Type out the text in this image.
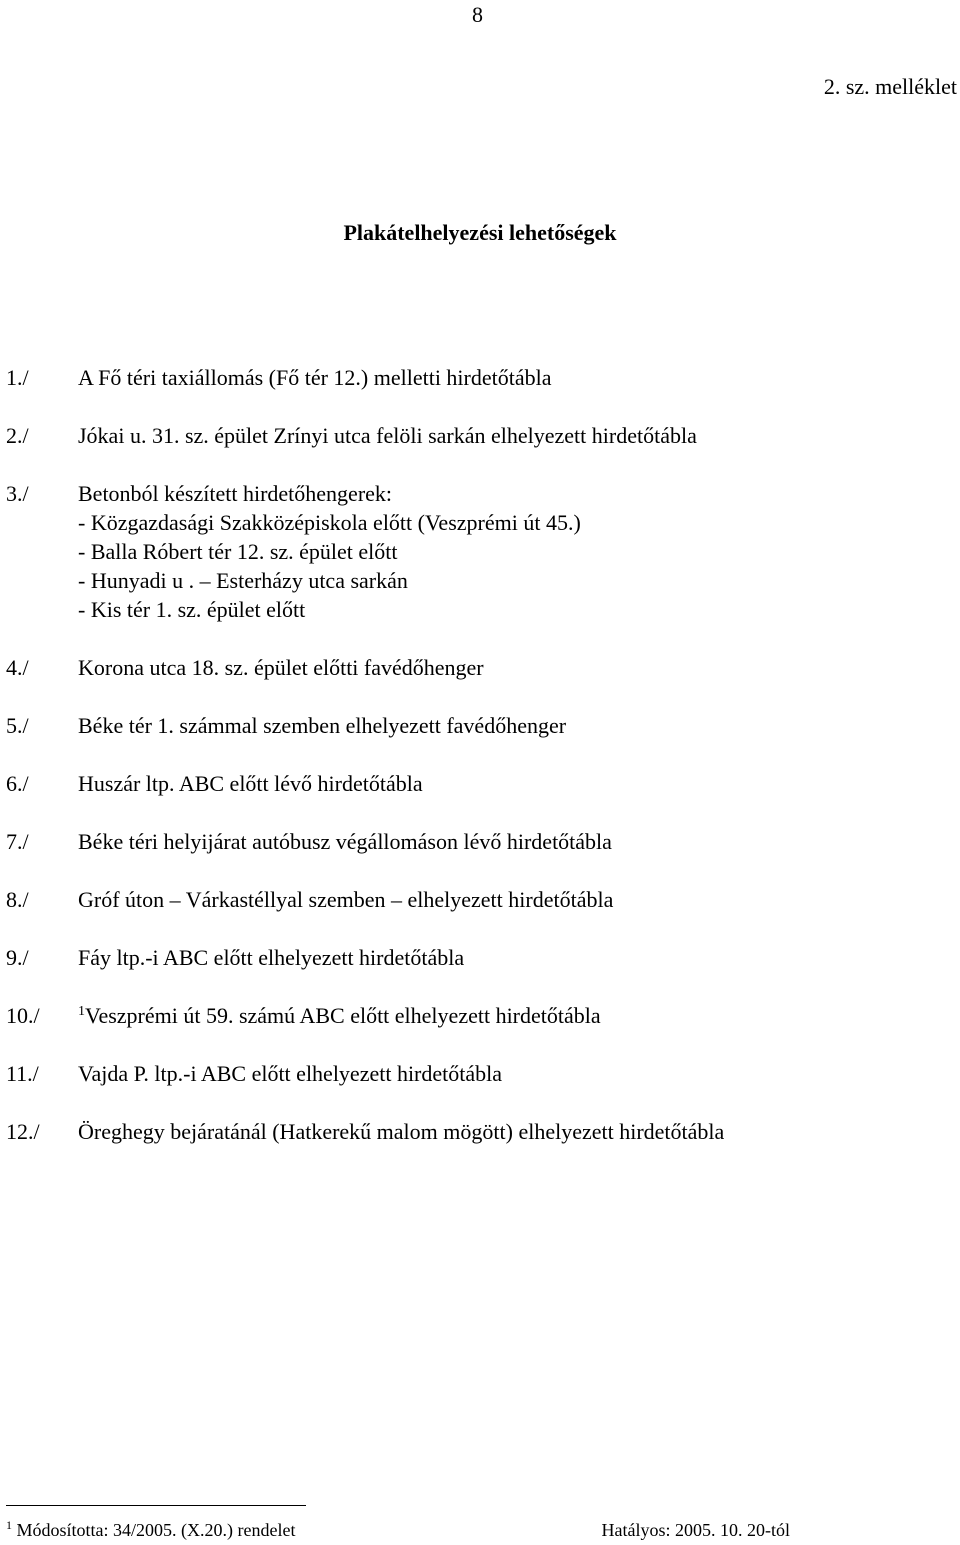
8
2. sz. melléklet
Plakátelhelyezési lehetőségek
1./ A Fő téri taxiállomás (Fő tér 12.) melletti hirdetőtábla
2./ Jókai u. 31. sz. épület Zrínyi utca felöli sarkán elhelyezett hirdetőtábla
3./ Betonból készített hirdetőhengerek:
- Közgazdasági Szakközépiskola előtt (Veszprémi út 45.)
- Balla Róbert tér 12. sz. épület előtt
- Hunyadi u . – Esterházy utca sarkán
- Kis tér 1. sz. épület előtt
4./ Korona utca 18. sz. épület előtti favédőhenger
5./ Béke tér 1. számmal szemben elhelyezett favédőhenger
6./ Huszár ltp. ABC előtt lévő hirdetőtábla
7./ Béke téri helyijárat autóbusz végállomáson lévő hirdetőtábla
8./ Gróf úton – Várkastéllyal szemben – elhelyezett hirdetőtábla
9./ Fáy ltp.-i ABC előtt elhelyezett hirdetőtábla
10./	$^1$Veszprémi út 59. számú ABC előtt elhelyezett hirdetőtábla
11./ Vajda P. ltp.-i ABC előtt elhelyezett hirdetőtábla
12./ Öreghegy bejáratánál (Hatkerekű malom mögött) elhelyezett hirdetőtábla
$^1$ Módosította: 34/2005. (X.20.) rendelet	Hatályos: 2005. 10. 20-tól
